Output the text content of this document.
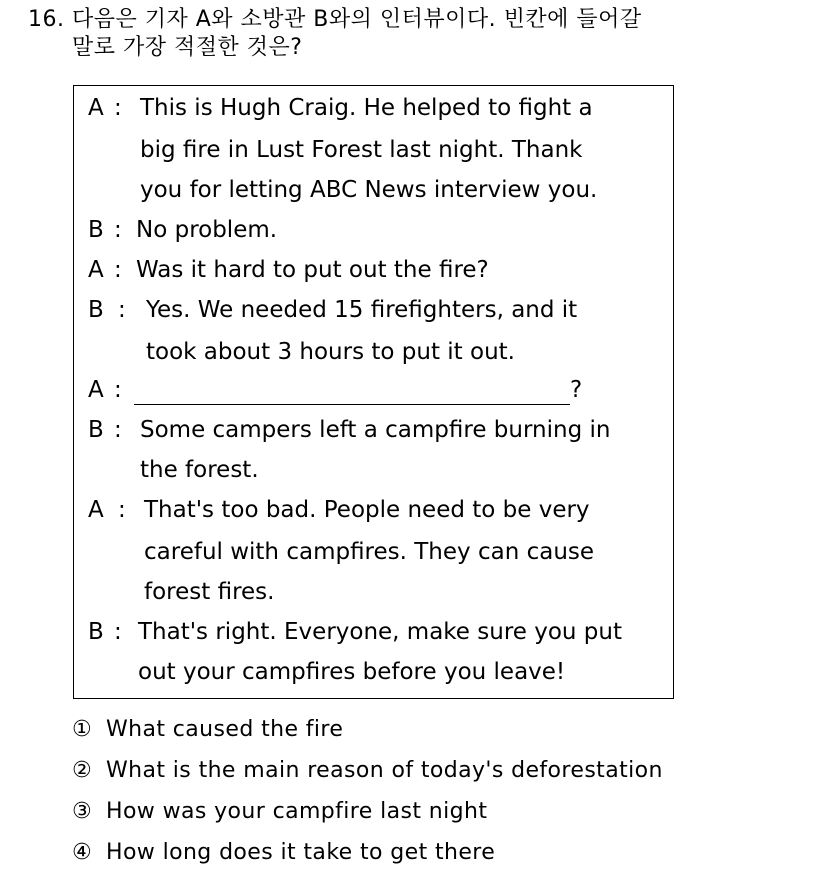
16. 다음은 기자 A와 소방관 B와의 인터뷰이다. 빈칸에 들어갈
말로 가장 적절한 것은?
A : This is Hugh Craig. He helped to fight a
big fire in Lust Forest last night. Thank
you for letting ABC News interview you.
B : No problem.
A : Was it hard to put out the fire?
B : Yes. We needed 15 firefighters, and it
took about 3 hours to put it out.
A :	?
B : Some campers left a campfire burning in
the forest.
A : That's too bad. People need to be very
careful with campfires. They can cause
forest fires.
B : That's right. Everyone, make sure you put
out your campfires before you leave!
① What caused the fire
② What is the main reason of today's deforestation
③ How was your campfire last night
④ How long does it take to get there
